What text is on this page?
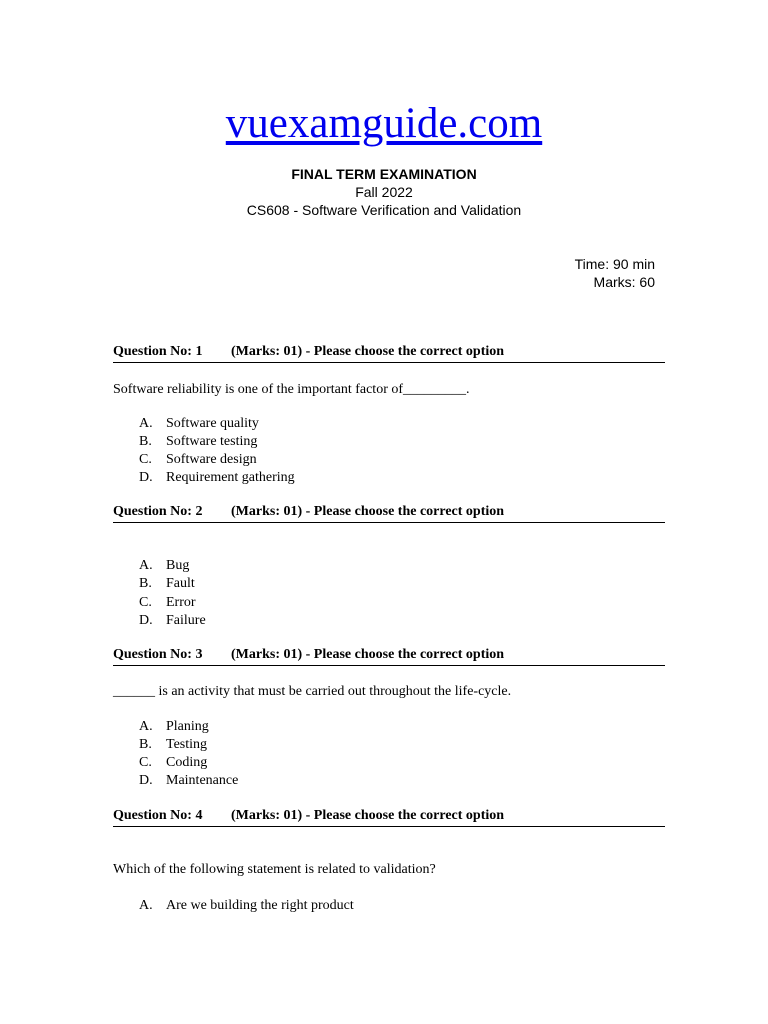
vuexamguide.com
FINAL TERM EXAMINATION
Fall 2022
CS608 - Software Verification and Validation
Time: 90 min
Marks: 60
Question No: 1 (Marks: 01) - Please choose the correct option
Software reliability is one of the important factor of_________.
A. Software quality
B. Software testing
C. Software design
D. Requirement gathering
Question No: 2 (Marks: 01) - Please choose the correct option
A. Bug
B. Fault
C. Error
D. Failure
Question No: 3 (Marks: 01) - Please choose the correct option
______ is an activity that must be carried out throughout the life-cycle.
A. Planing
B. Testing
C. Coding
D. Maintenance
Question No: 4 (Marks: 01) - Please choose the correct option
Which of the following statement is related to validation?
A. Are we building the right product
